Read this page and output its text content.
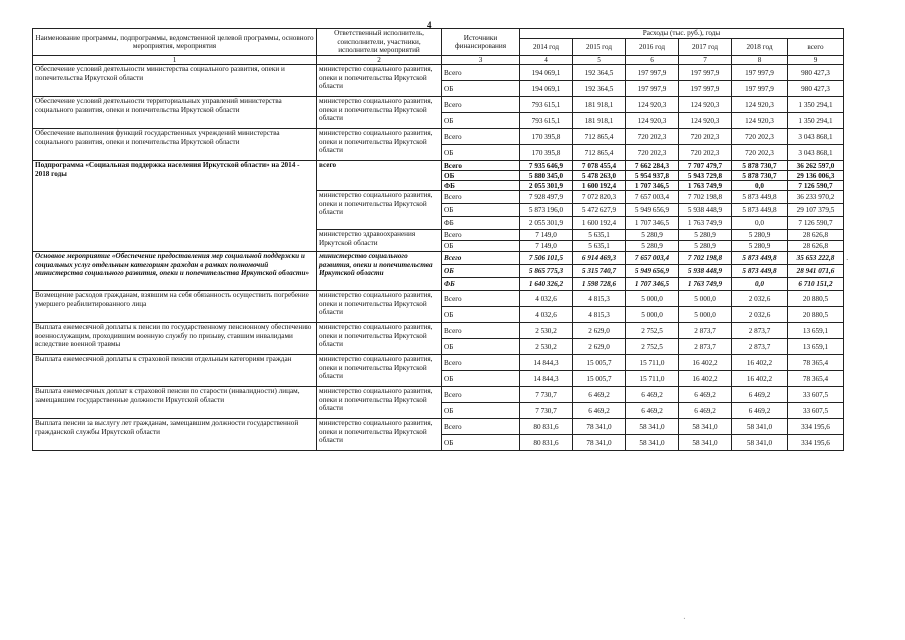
4
Наименование программы, подпрограммы, ведомственной целевой программы, основного мероприятия, мероприятия	Ответственный исполнитель, соисполнители, участники, исполнители мероприятий	Источники финансирования	Расходы (тыс. руб.), годы					
			2014 год	2015 год	2016 год	2017 год	2018 год	всего
1	2	3	4	5	6	7	8	9
Обеспечение условий деятельности министерства социального развития, опеки и попечительства Иркутской области	министерство социального развития, опеки и попечительства Иркутской области	Всего	194 069,1	192 364,5	197 997,9	197 997,9	197 997,9	980 427,3
		ОБ	194 069,1	192 364,5	197 997,9	197 997,9	197 997,9	980 427,3
Обеспечение условий деятельности территориальных управлений министерства социального развития, опеки и попечительства Иркутской области	министерство социального развития, опеки и попечительства Иркутской области	Всего	793 615,1	181 918,1	124 920,3	124 920,3	124 920,3	1 350 294,1
		ОБ	793 615,1	181 918,1	124 920,3	124 920,3	124 920,3	1 350 294,1
Обеспечение выполнения функций государственных учреждений министерства социального развития, опеки и попечительства Иркутской области	министерство социального развития, опеки и попечительства Иркутской области	Всего	170 395,8	712 865,4	720 202,3	720 202,3	720 202,3	3 043 868,1
		ОБ	170 395,8	712 865,4	720 202,3	720 202,3	720 202,3	3 043 868,1
Подпрограмма «Социальная поддержка населения Иркутской области» на 2014 - 2018 годы	всего	Всего	7 935 646,9	7 078 455,4	7 662 284,3	7 707 479,7	5 878 730,7	36 262 597,0
		ОБ	5 880 345,0	5 478 263,0	5 954 937,8	5 943 729,8	5 878 730,7	29 136 006,3
		ФБ	2 055 301,9	1 600 192,4	1 707 346,5	1 763 749,9	0,0	7 126 590,7
	министерство социального развития, опеки и попечительства Иркутской области	Всего	7 928 497,9	7 072 820,3	7 657 003,4	7 702 198,8	5 873 449,8	36 233 970,2
		ОБ	5 873 196,0	5 472 627,9	5 949 656,9	5 938 448,9	5 873 449,8	29 107 379,5
		ФБ	2 055 301,9	1 600 192,4	1 707 346,5	1 763 749,9	0,0	7 126 590,7
	министерство здравоохранения Иркутской области	Всего	7 149,0	5 635,1	5 280,9	5 280,9	5 280,9	28 626,8
		ОБ	7 149,0	5 635,1	5 280,9	5 280,9	5 280,9	28 626,8
Основное мероприятие «Обеспечение предоставления мер социальной поддержки и социальных услуг отдельным категориям граждан в рамках полномочий министерства социального развития, опеки и попечительства Иркутской области»	министерство социального развития, опеки и попечительства Иркутской области	Всего	7 506 101,5	6 914 469,3	7 657 003,4	7 702 198,8	5 873 449,8	35 653 222,8
		ОБ	5 865 775,3	5 315 740,7	5 949 656,9	5 938 448,9	5 873 449,8	28 941 071,6
		ФБ	1 640 326,2	1 598 728,6	1 707 346,5	1 763 749,9	0,0	6 710 151,2
Возмещение расходов гражданам, взявшим на себя обязанность осуществить погребение умершего реабилитированного лица	министерство социального развития, опеки и попечительства Иркутской области	Всего	4 032,6	4 815,3	5 000,0	5 000,0	2 032,6	20 880,5
		ОБ	4 032,6	4 815,3	5 000,0	5 000,0	2 032,6	20 880,5
Выплата ежемесячной доплаты к пенсии по государственному пенсионному обеспечению военнослужащим, проходившим военную службу по призыву, ставшим инвалидами вследствие военной травмы	министерство социального развития, опеки и попечительства Иркутской области	Всего	2 530,2	2 629,0	2 752,5	2 873,7	2 873,7	13 659,1
		ОБ	2 530,2	2 629,0	2 752,5	2 873,7	2 873,7	13 659,1
Выплата ежемесячной доплаты к страховой пенсии отдельным категориям граждан	министерство социального развития, опеки и попечительства Иркутской области	Всего	14 844,3	15 005,7	15 711,0	16 402,2	16 402,2	78 365,4
		ОБ	14 844,3	15 005,7	15 711,0	16 402,2	16 402,2	78 365,4
Выплата ежемесячных доплат к страховой пенсии по старости (инвалидности) лицам, замещавшим государственные должности Иркутской области	министерство социального развития, опеки и попечительства Иркутской области	Всего	7 730,7	6 469,2	6 469,2	6 469,2	6 469,2	33 607,5
		ОБ	7 730,7	6 469,2	6 469,2	6 469,2	6 469,2	33 607,5
Выплата пенсии за выслугу лет гражданам, замещавшим должности государственной гражданской службы Иркутской области	министерство социального развития, опеки и попечительства Иркутской области	Всего	80 831,6	78 341,0	58 341,0	58 341,0	58 341,0	334 195,6
		ОБ	80 831,6	78 341,0	58 341,0	58 341,0	58 341,0	334 195,6
·
ˈ
